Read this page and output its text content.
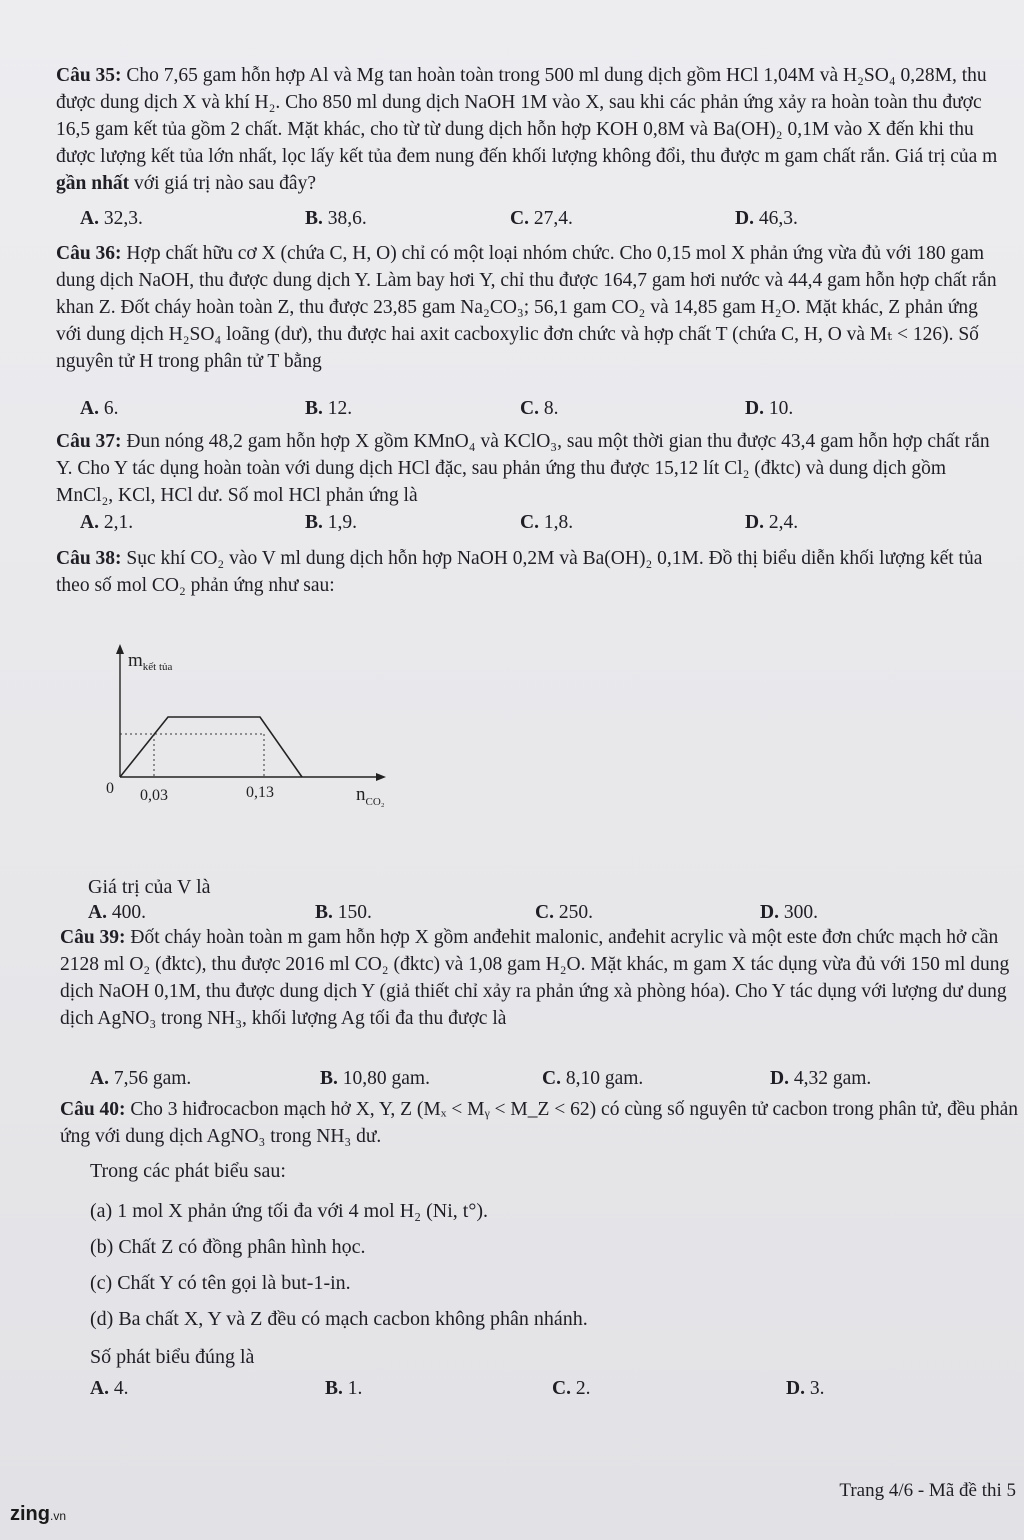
Câu 35: Cho 7,65 gam hỗn hợp Al và Mg tan hoàn toàn trong 500 ml dung dịch gồm HCl 1,04M và H₂SO₄ 0,28M, thu được dung dịch X và khí H₂. Cho 850 ml dung dịch NaOH 1M vào X, sau khi các phản ứng xảy ra hoàn toàn thu được 16,5 gam kết tủa gồm 2 chất. Mặt khác, cho từ từ dung dịch hỗn hợp KOH 0,8M và Ba(OH)₂ 0,1M vào X đến khi thu được lượng kết tủa lớn nhất, lọc lấy kết tủa đem nung đến khối lượng không đổi, thu được m gam chất rắn. Giá trị của m gần nhất với giá trị nào sau đây?

A. 32,3.	B. 38,6.	C. 27,4.	D. 46,3.

Câu 36: Hợp chất hữu cơ X (chứa C, H, O) chỉ có một loại nhóm chức. Cho 0,15 mol X phản ứng vừa đủ với 180 gam dung dịch NaOH, thu được dung dịch Y. Làm bay hơi Y, chỉ thu được 164,7 gam hơi nước và 44,4 gam hỗn hợp chất rắn khan Z. Đốt cháy hoàn toàn Z, thu được 23,85 gam Na₂CO₃; 56,1 gam CO₂ và 14,85 gam H₂O. Mặt khác, Z phản ứng với dung dịch H₂SO₄ loãng (dư), thu được hai axit cacboxylic đơn chức và hợp chất T (chứa C, H, O và Mₜ < 126). Số nguyên tử H trong phân tử T bằng

A. 6.	B. 12.	C. 8.	D. 10.

Câu 37: Đun nóng 48,2 gam hỗn hợp X gồm KMnO₄ và KClO₃, sau một thời gian thu được 43,4 gam hỗn hợp chất rắn Y. Cho Y tác dụng hoàn toàn với dung dịch HCl đặc, sau phản ứng thu được 15,12 lít Cl₂ (đktc) và dung dịch gồm MnCl₂, KCl, HCl dư. Số mol HCl phản ứng là

A. 2,1.	B. 1,9.	C. 1,8.	D. 2,4.

Câu 38: Sục khí CO₂ vào V ml dung dịch hỗn hợp NaOH 0,2M và Ba(OH)₂ 0,1M. Đồ thị biểu diễn khối lượng kết tủa theo số mol CO₂ phản ứng như sau:

$m_{kết tủa}$
0 0,03	0,13	$n_{CO_2}$
Giá trị của V là
A. 400.	B. 150.	C. 250.	D. 300.

Câu 39: Đốt cháy hoàn toàn m gam hỗn hợp X gồm anđehit malonic, anđehit acrylic và một este đơn chức mạch hở cần 2128 ml O₂ (đktc), thu được 2016 ml CO₂ (đktc) và 1,08 gam H₂O. Mặt khác, m gam X tác dụng vừa đủ với 150 ml dung dịch NaOH 0,1M, thu được dung dịch Y (giả thiết chỉ xảy ra phản ứng xà phòng hóa). Cho Y tác dụng với lượng dư dung dịch AgNO₃ trong NH₃, khối lượng Ag tối đa thu được là

A. 7,56 gam.	B. 10,80 gam.	C. 8,10 gam.	D. 4,32 gam.

Câu 40: Cho 3 hiđrocacbon mạch hở X, Y, Z (Mₓ < Mᵧ < M_Z < 62) có cùng số nguyên tử cacbon trong phân tử, đều phản ứng với dung dịch AgNO₃ trong NH₃ dư.

Trong các phát biểu sau:
(a) 1 mol X phản ứng tối đa với 4 mol H₂ (Ni, t°).
(b) Chất Z có đồng phân hình học.
(c) Chất Y có tên gọi là but-1-in.
(d) Ba chất X, Y và Z đều có mạch cacbon không phân nhánh.
Số phát biểu đúng là
A. 4.	B. 1.	C. 2.	D. 3.
Trang 4/6 - Mã đề thi 5
zing.vn
